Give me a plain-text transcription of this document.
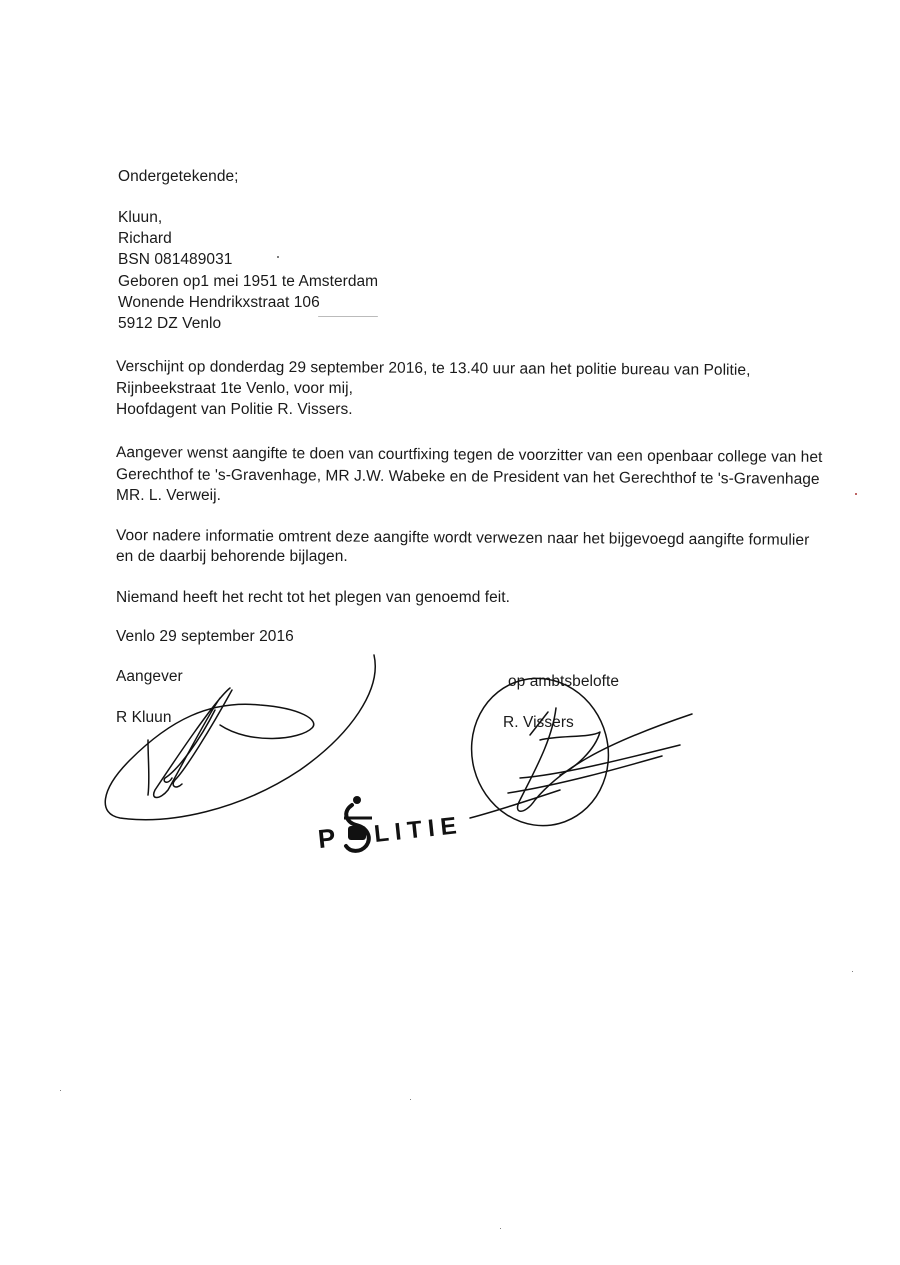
Ondergetekende;
Kluun,
Richard
BSN 081489031
Geboren op1 mei 1951 te Amsterdam
Wonende Hendrikxstraat 106
5912 DZ Venlo
Verschijnt op donderdag 29 september 2016, te 13.40 uur aan het politie bureau van Politie,
Rijnbeekstraat 1te Venlo, voor mij,
Hoofdagent van Politie R. Vissers.
Aangever wenst aangifte te doen van courtfixing tegen de voorzitter van een openbaar college van het
Gerechthof te 's-Gravenhage, MR J.W. Wabeke en de President van het Gerechthof te 's-Gravenhage
MR. L. Verweij.
Voor nadere informatie omtrent deze aangifte wordt verwezen naar het bijgevoegd aangifte formulier
en de daarbij behorende bijlagen.
Niemand heeft het recht tot het plegen van genoemd feit.
Venlo 29 september 2016
Aangever
R Kluun
op ambtsbelofte
R. Vissers
P LITIE
